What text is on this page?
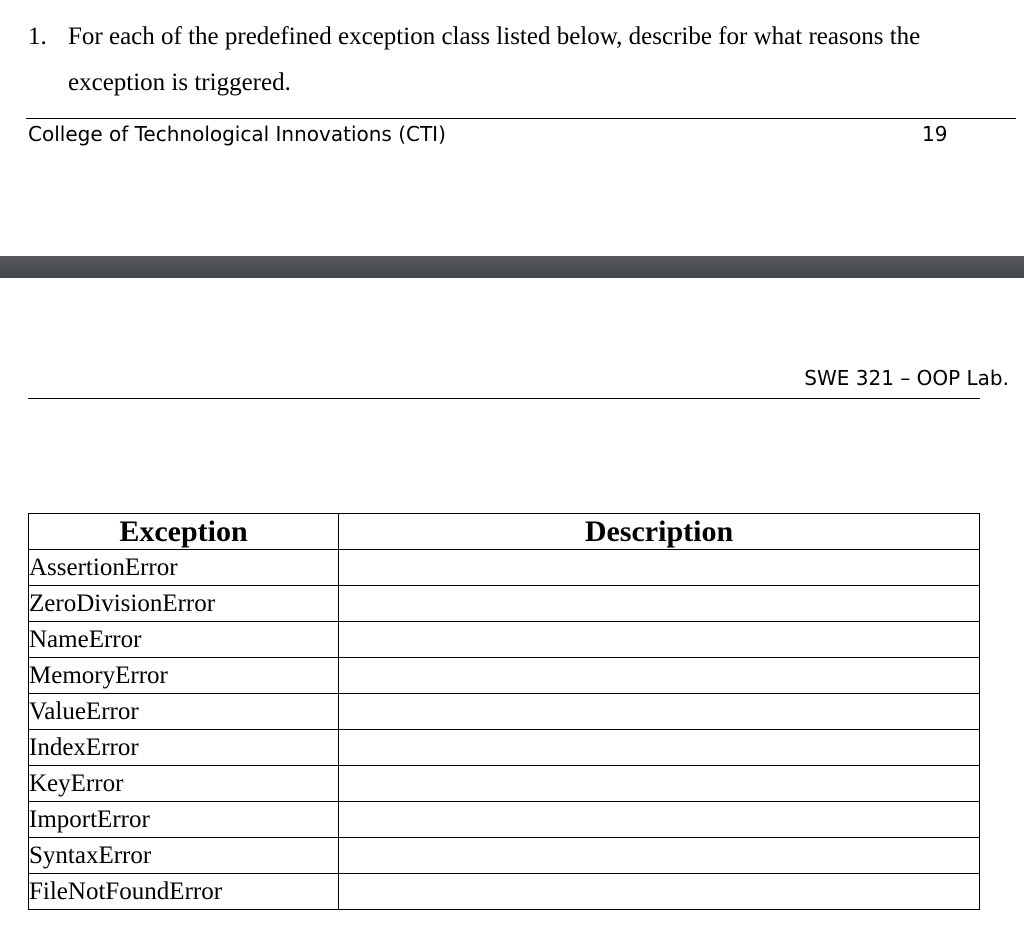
1. For each of the predefined exception class listed below, describe for what reasons the exception is triggered.
College of Technological Innovations (CTI)	19
SWE 321 – OOP Lab.
Exception	Description
AssertionError	
ZeroDivisionError	
NameError	
MemoryError	
ValueError	
IndexError	
KeyError	
ImportError	
SyntaxError	
FileNotFoundError	
